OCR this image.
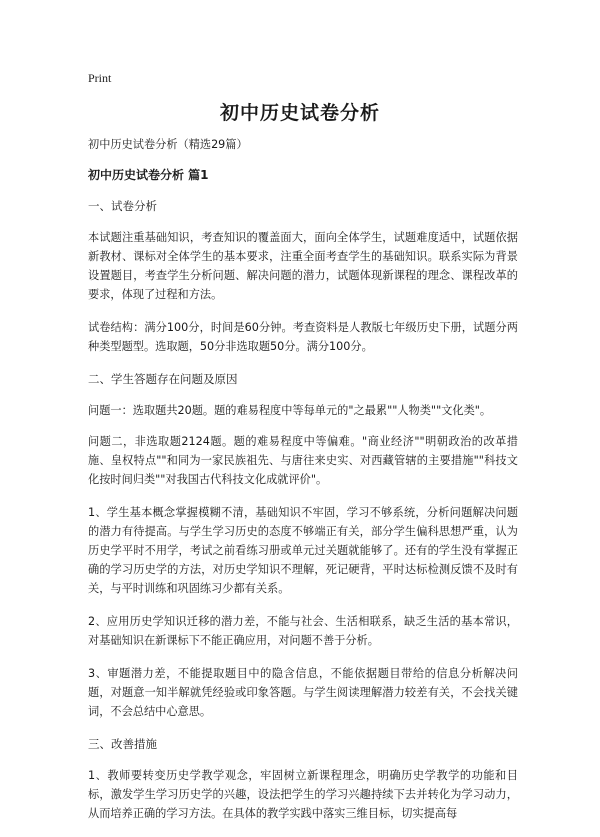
Print
初中历史试卷分析

初中历史试卷分析（精选29篇）

初中历史试卷分析 篇1

一、试卷分析

本试题注重基础知识，考查知识的覆盖面大，面向全体学生，试题难度适中，试题依据新教材、课标对全体学生的基本要求，注重全面考查学生的基础知识。联系实际为背景设置题目，考查学生分析问题、解决问题的潜力，试题体现新课程的理念、课程改革的要求，体现了过程和方法。

试卷结构：满分100分，时间是60分钟。考查资料是人教版七年级历史下册，试题分两种类型题型。选取题，50分非选取题50分。满分100分。

二、学生答题存在问题及原因

问题一：选取题共20题。题的难易程度中等每单元的"之最累""人物类""文化类"。

问题二，非选取题2124题。题的难易程度中等偏难。"商业经济""明朝政治的改革措施、皇权特点""和同为一家民族祖先、与唐往来史实、对西藏管辖的主要措施""科技文化按时间归类""对我国古代科技文化成就评价"。

1、学生基本概念掌握模糊不清，基础知识不牢固，学习不够系统，分析问题解决问题的潜力有待提高。与学生学习历史的态度不够端正有关，部分学生偏科思想严重，认为历史学平时不用学，考试之前看练习册或单元过关题就能够了。还有的学生没有掌握正确的学习历史学的方法，对历史学知识不理解，死记硬背，平时达标检测反馈不及时有关，与平时训练和巩固练习少都有关系。

2、应用历史学知识迁移的潜力差，不能与社会、生活相联系，缺乏生活的基本常识，对基础知识在新课标下不能正确应用，对问题不善于分析。

3、审题潜力差，不能提取题目中的隐含信息，不能依据题目带给的信息分析解决问题，对题意一知半解就凭经验或印象答题。与学生阅读理解潜力较差有关，不会找关键词，不会总结中心意思。

三、改善措施

1、教师要转变历史学教学观念，牢固树立新课程理念，明确历史学教学的功能和目标，激发学生学习历史学的兴趣，设法把学生的学习兴趣持续下去并转化为学习动力，从而培养正确的学习方法。在具体的教学实践中落实三维目标，切实提高每
